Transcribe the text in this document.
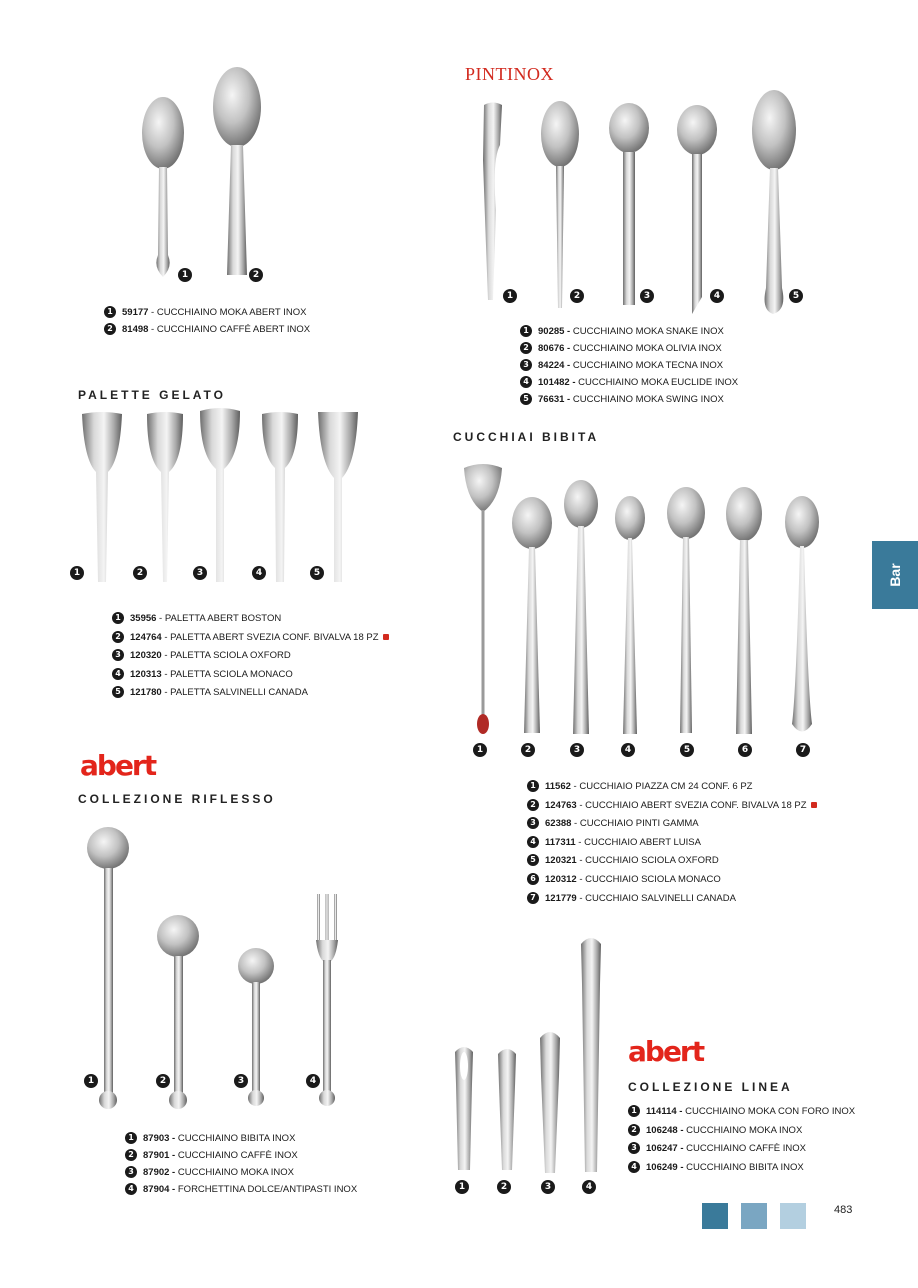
1	2
1 59177 - CUCCHIAINO MOKA ABERT INOX
2 81498 - CUCCHIAINO CAFFÉ ABERT INOX
PINTINOX
1	2	3	4	5
1 90285 - CUCCHIAINO MOKA SNAKE INOX
2 80676 - CUCCHIAINO MOKA OLIVIA INOX
3 84224 - CUCCHIAINO MOKA TECNA INOX
4 101482 - CUCCHIAINO MOKA EUCLIDE INOX
5 76631 - CUCCHIAINO MOKA SWING INOX
PALETTE GELATO
1	2	3	4	5
1 35956 - PALETTA ABERT BOSTON
2 124764 - PALETTA ABERT SVEZIA CONF. BIVALVA 18 PZ
3 120320 - PALETTA SCIOLA OXFORD
4 120313 - PALETTA SCIOLA MONACO
5 121780 - PALETTA SALVINELLI CANADA
CUCCHIAI BIBITA
1	2	3	4	5	6	7
1 11562 - CUCCHIAIO PIAZZA CM 24 CONF. 6 PZ
2 124763 - CUCCHIAIO ABERT SVEZIA CONF. BIVALVA 18 PZ
3 62388 - CUCCHIAIO PINTI GAMMA
4 117311 - CUCCHIAIO ABERT LUISA
5 120321 - CUCCHIAIO SCIOLA OXFORD
6 120312 - CUCCHIAIO SCIOLA MONACO
7 121779 - CUCCHIAIO SALVINELLI CANADA
abert
COLLEZIONE RIFLESSO
1	2	3	4
1 87903 - CUCCHIAINO BIBITA INOX
2 87901 - CUCCHIAINO CAFFÈ INOX
3 87902 - CUCCHIAINO MOKA INOX
4 87904 - FORCHETTINA DOLCE/ANTIPASTI INOX	1	2	3	4
abert
COLLEZIONE LINEA
1 114114 - CUCCHIAINO MOKA CON FORO INOX
2 106248 - CUCCHIAINO MOKA INOX
3 106247 - CUCCHIAINO CAFFÈ INOX
4 106249 - CUCCHIAINO BIBITA INOX
Bar
483
